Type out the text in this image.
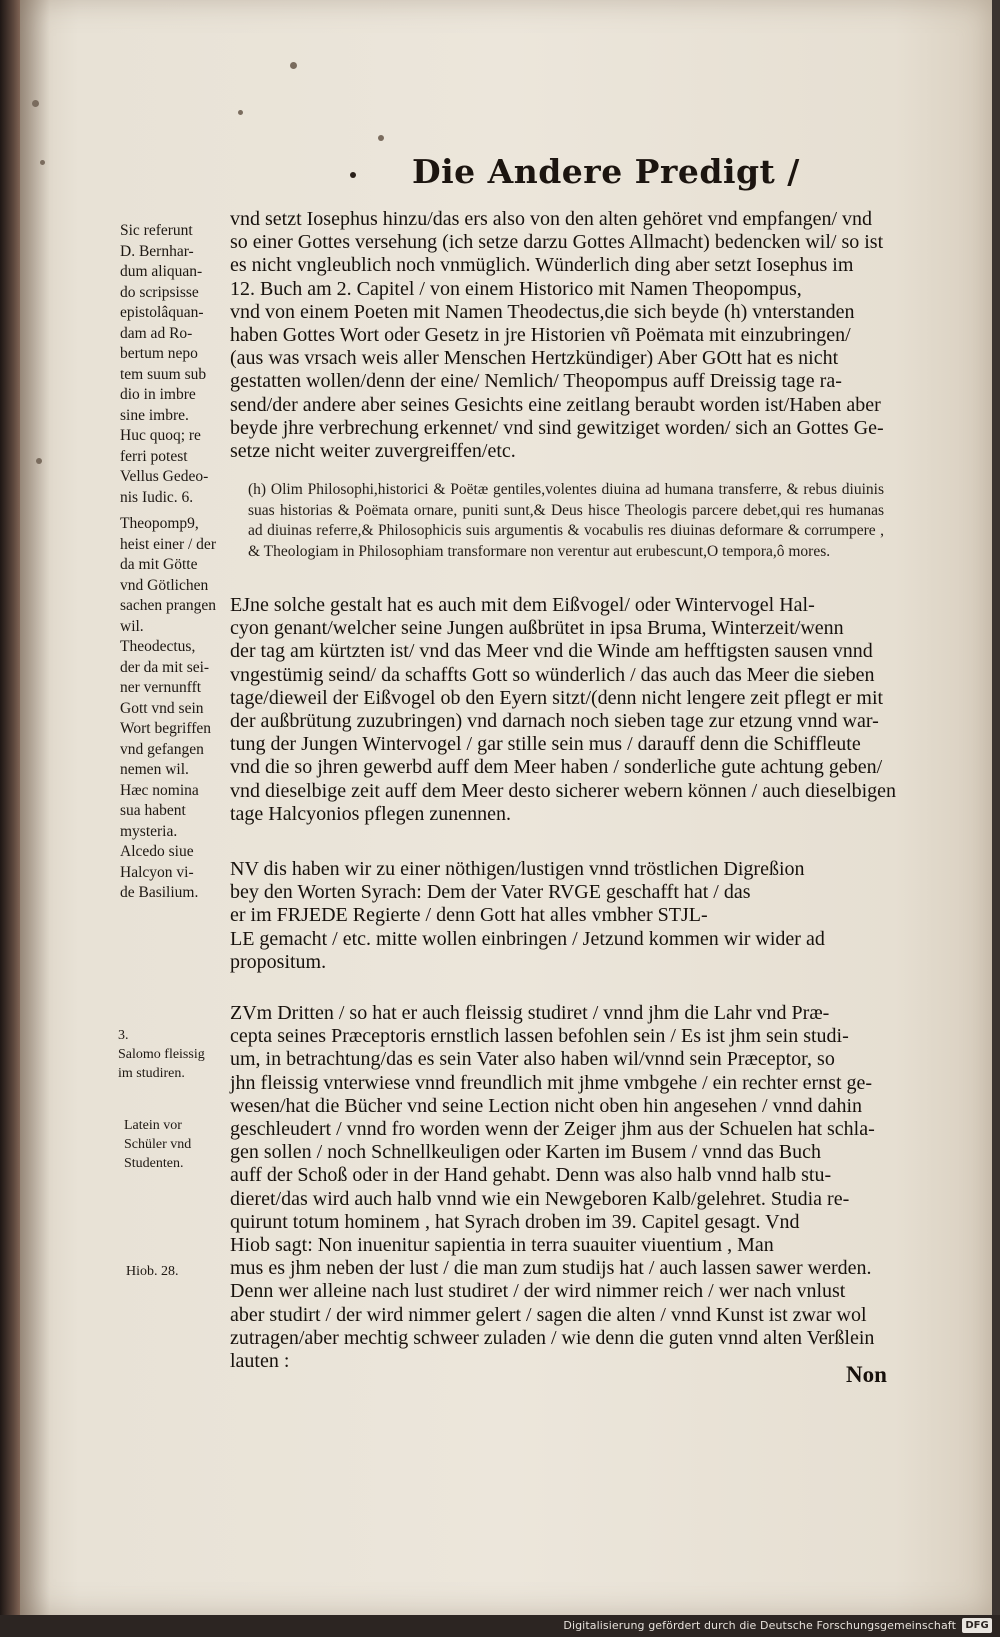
Die Andere Predigt /
Sic referunt
D. Bernhar-
dum aliquan-
do scripsisse
epistolâquan-
dam ad Ro-
bertum nepo
tem suum sub
dio in imbre
sine imbre.
Huc quoq; re
ferri potest
Vellus Gedeo-
nis Iudic. 6.
Theopomp9,
heist einer / der
da mit Götte
vnd Götlichen
sachen prangen
wil.
Theodectus,
der da mit sei-
ner vernunfft
Gott vnd sein
Wort begriffen
vnd gefangen
nemen wil.
Hæc nomina
sua habent
mysteria.
Alcedo siue
Halcyon vi-
de Basilium.
3.
Salomo fleissig
im studiren.
Latein vor
Schüler vnd
Studenten.
Hiob. 28.
vnd setzt Iosephus hinzu/das ers also von den alten gehöret vnd empfangen/ vnd
so einer Gottes versehung (ich setze darzu Gottes Allmacht) bedencken wil/ so ist
es nicht vngleublich noch vnmüglich. Wünderlich ding aber setzt Iosephus im
12. Buch am 2. Capitel / von einem Historico mit Namen Theopompus,
vnd von einem Poeten mit Namen Theodectus,die sich beyde (h) vnterstanden
haben Gottes Wort oder Gesetz in jre Historien vñ Poëmata mit einzubringen/
(aus was vrsach weis aller Menschen Hertzkündiger) Aber GOtt hat es nicht
gestatten wollen/denn der eine/ Nemlich/ Theopompus auff Dreissig tage ra-
send/der andere aber seines Gesichts eine zeitlang beraubt worden ist/Haben aber
beyde jhre verbrechung erkennet/ vnd sind gewitziget worden/ sich an Gottes Ge-
setze nicht weiter zuvergreiffen/etc.

(h) Olim Philosophi,historici & Poëtæ gentiles,volentes diuina ad humana transferre, & rebus diuinis suas historias & Poëmata ornare, puniti sunt,& Deus hisce Theologis parcere debet,qui res humanas ad diuinas referre,& Philosophicis suis argumentis & vocabulis res diuinas deformare & corrumpere , & Theologiam in Philosophiam transformare non verentur aut erubescunt,O tempora,ô mores.

EJne solche gestalt hat es auch mit dem Eißvogel/ oder Wintervogel Hal-
cyon genant/welcher seine Jungen außbrütet in ipsa Bruma, Winterzeit/wenn
der tag am kürtzten ist/ vnd das Meer vnd die Winde am hefftigsten sausen vnnd
vngestümig seind/ da schaffts Gott so wünderlich / das auch das Meer die sieben
tage/dieweil der Eißvogel ob den Eyern sitzt/(denn nicht lengere zeit pflegt er mit
der außbrütung zuzubringen) vnd darnach noch sieben tage zur etzung vnnd war-
tung der Jungen Wintervogel / gar stille sein mus / darauff denn die Schiffleute
vnd die so jhren gewerbd auff dem Meer haben / sonderliche gute achtung geben/
vnd dieselbige zeit auff dem Meer desto sicherer webern können / auch dieselbigen
tage Halcyonios pflegen zunennen.
NV dis haben wir zu einer nöthigen/lustigen vnnd tröstlichen Digreßion
bey den Worten Syrach: Dem der Vater RVGE geschafft hat / das
er im FRJEDE Regierte / denn Gott hat alles vmbher STJL-
LE gemacht / etc. mitte wollen einbringen / Jetzund kommen wir wider ad
propositum.
ZVm Dritten / so hat er auch fleissig studiret / vnnd jhm die Lahr vnd Præ-
cepta seines Præceptoris ernstlich lassen befohlen sein / Es ist jhm sein studi-
um, in betrachtung/das es sein Vater also haben wil/vnnd sein Præceptor, so
jhn fleissig vnterwiese vnnd freundlich mit jhme vmbgehe / ein rechter ernst ge-
wesen/hat die Bücher vnd seine Lection nicht oben hin angesehen / vnnd dahin
geschleudert / vnnd fro worden wenn der Zeiger jhm aus der Schuelen hat schla-
gen sollen / noch Schnellkeuligen oder Karten im Busem / vnnd das Buch
auff der Schoß oder in der Hand gehabt. Denn was also halb vnnd halb stu-
dieret/das wird auch halb vnnd wie ein Newgeboren Kalb/gelehret. Studia re-
quirunt totum hominem , hat Syrach droben im 39. Capitel gesagt. Vnd
Hiob sagt: Non inuenitur sapientia in terra suauiter viuentium , Man
mus es jhm neben der lust / die man zum studijs hat / auch lassen sawer werden.
Denn wer alleine nach lust studiret / der wird nimmer reich / wer nach vnlust
aber studirt / der wird nimmer gelert / sagen die alten / vnnd Kunst ist zwar wol
zutragen/aber mechtig schweer zuladen / wie denn die guten vnnd alten Verßlein
lauten :
Non
Digitalisierung gefördert durch die Deutsche Forschungsgemeinschaft DFG
